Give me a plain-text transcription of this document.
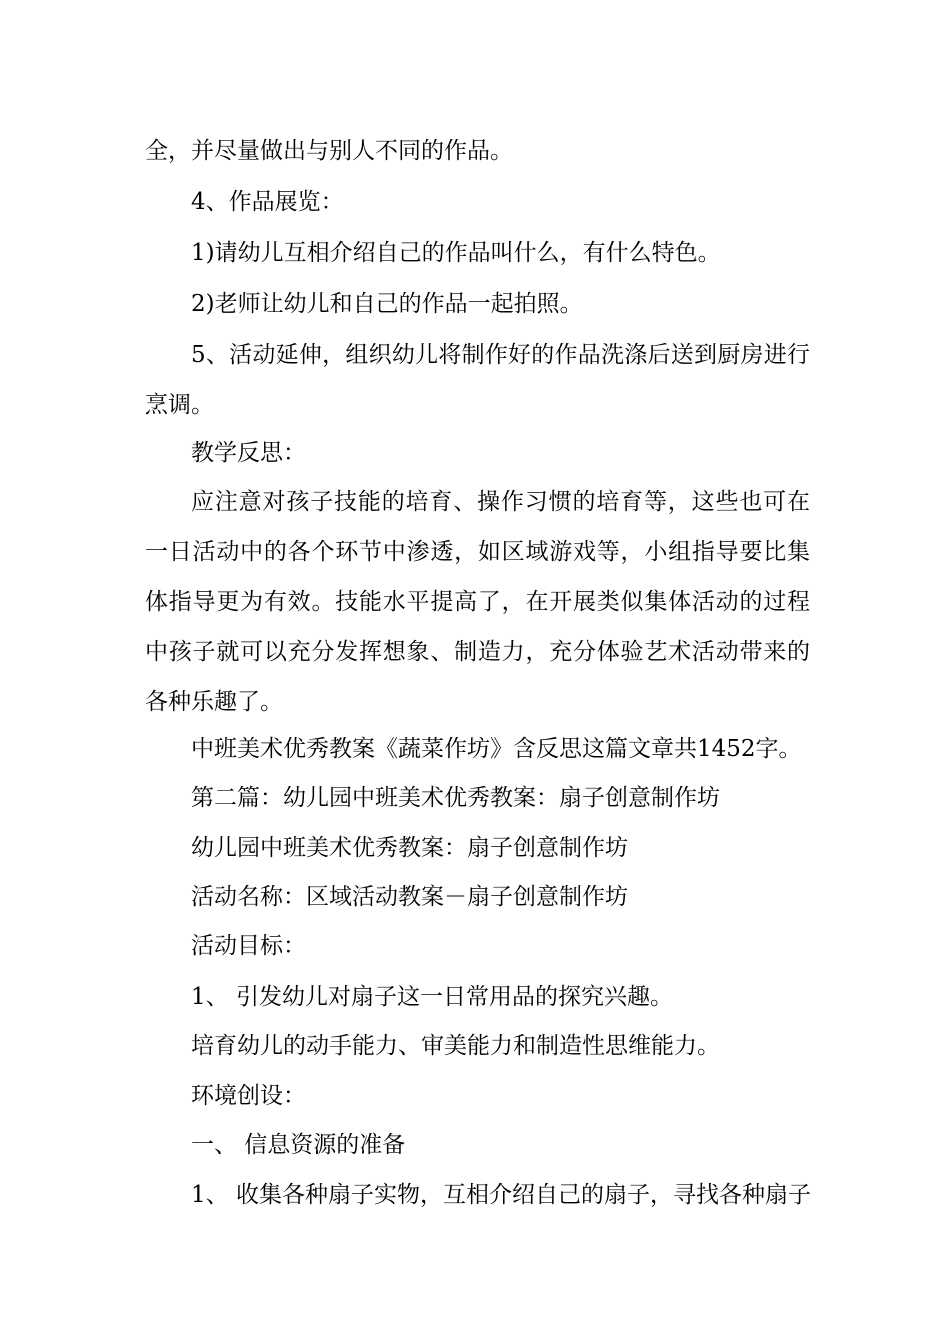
全，并尽量做出与别人不同的作品。

4、作品展览：

1)请幼儿互相介绍自己的作品叫什么，有什么特色。

2)老师让幼儿和自己的作品一起拍照。

5、活动延伸，组织幼儿将制作好的作品洗涤后送到厨房进行烹调。

教学反思：

应注意对孩子技能的培育、操作习惯的培育等，这些也可在一日活动中的各个环节中渗透，如区域游戏等，小组指导要比集体指导更为有效。技能水平提高了，在开展类似集体活动的过程中孩子就可以充分发挥想象、制造力，充分体验艺术活动带来的各种乐趣了。

中班美术优秀教案《蔬菜作坊》含反思这篇文章共1452字。

第二篇：幼儿园中班美术优秀教案：扇子创意制作坊

幼儿园中班美术优秀教案：扇子创意制作坊

活动名称：区域活动教案－扇子创意制作坊

活动目标：

1、 引发幼儿对扇子这一日常用品的探究兴趣。

培育幼儿的动手能力、审美能力和制造性思维能力。

环境创设：

一、 信息资源的准备

1、 收集各种扇子实物，互相介绍自己的扇子，寻找各种扇子
